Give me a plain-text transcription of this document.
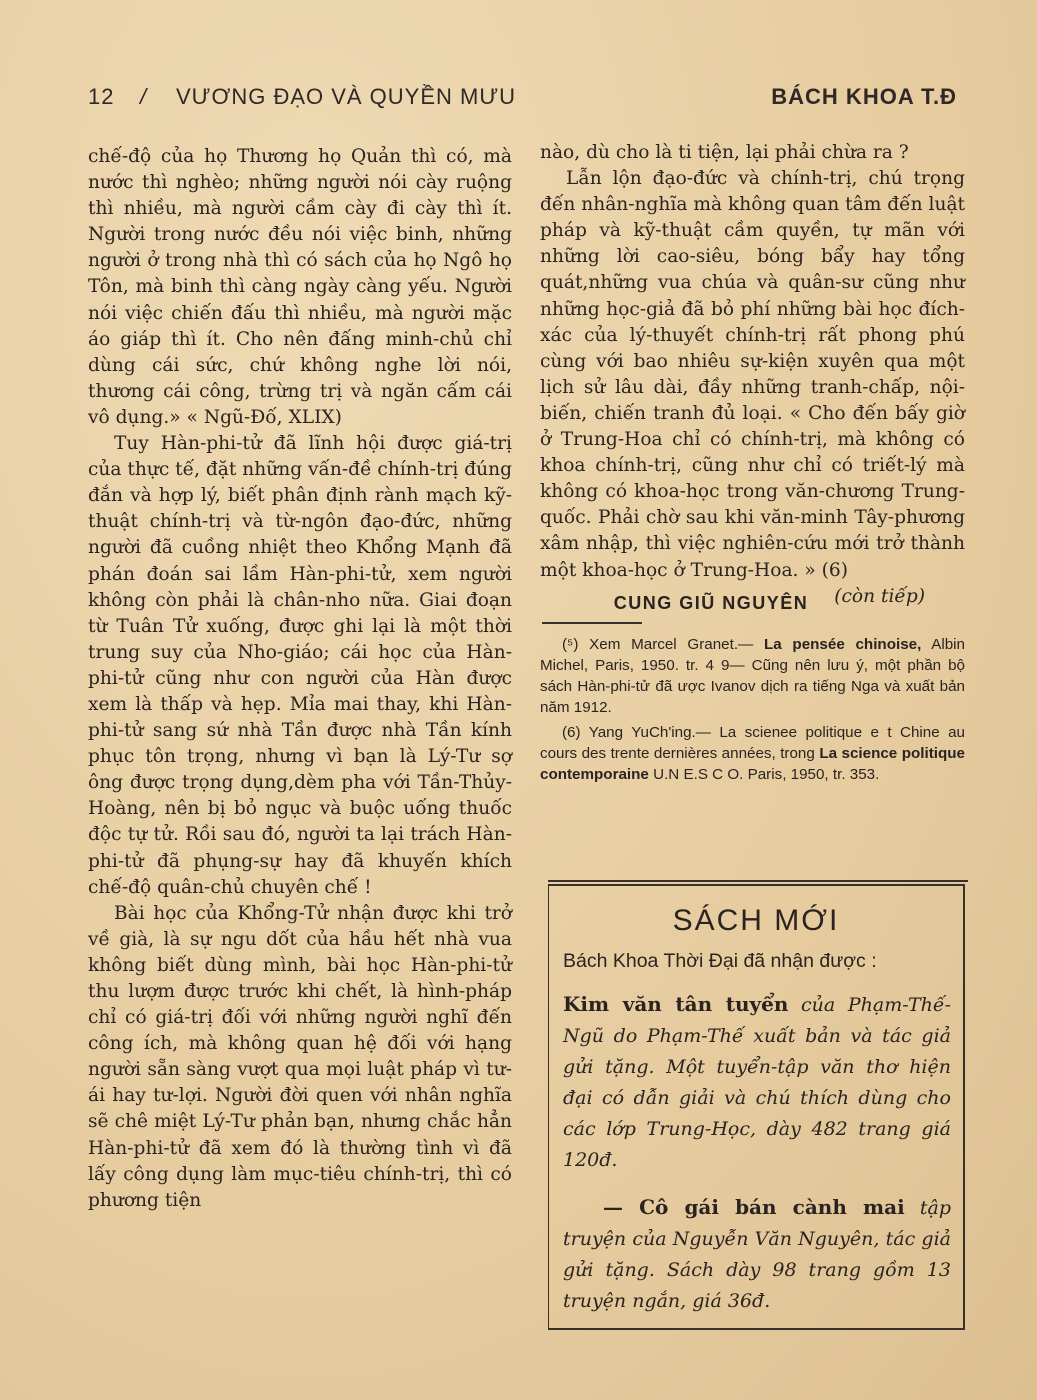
12 / VƯƠNG ĐẠO VÀ QUYỀN MƯU	BÁCH KHOA T.Đ

chế-độ của họ Thương họ Quản thì có, mà nước thì nghèo; những người nói cày ruộng thì nhiều, mà người cầm cày đi cày thì ít. Người trong nước đều nói việc binh, những người ở trong nhà thì có sách của họ Ngô họ Tôn, mà binh thì càng ngày càng yếu. Người nói việc chiến đấu thì nhiều, mà người mặc áo giáp thì ít. Cho nên đấng minh-chủ chỉ dùng cái sức, chứ không nghe lời nói, thương cái công, trừng trị và ngăn cấm cái vô dụng.» « Ngũ-Đố, XLIX)

Tuy Hàn-phi-tử đã lĩnh hội được giá-trị của thực tế, đặt những vấn-đề chính-trị đúng đắn và hợp lý, biết phân định rành mạch kỹ-thuật chính-trị và từ-ngôn đạo-đức, những người đã cuồng nhiệt theo Khổng Mạnh đã phán đoán sai lầm Hàn-phi-tử, xem người không còn phải là chân-nho nữa. Giai đoạn từ Tuân Tử xuống, được ghi lại là một thời trung suy của Nho-giáo; cái học của Hàn-phi-tử cũng như con người của Hàn được xem là thấp và hẹp. Mỉa mai thay, khi Hàn-phi-tử sang sứ nhà Tần được nhà Tần kính phục tôn trọng, nhưng vì bạn là Lý-Tư sợ ông được trọng dụng,dèm pha với Tần-Thủy-Hoàng, nên bị bỏ ngục và buộc uống thuốc độc tự tử. Rồi sau đó, người ta lại trách Hàn-phi-tử đã phụng-sự hay đã khuyến khích chế-độ quân-chủ chuyên chế !

Bài học của Khổng-Tử nhận được khi trở về già, là sự ngu dốt của hầu hết nhà vua không biết dùng mình, bài học Hàn-phi-tử thu lượm được trước khi chết, là hình-pháp chỉ có giá-trị đối với những người nghĩ đến công ích, mà không quan hệ đối với hạng người sẵn sàng vượt qua mọi luật pháp vì tư-ái hay tư-lợi. Người đời quen với nhân nghĩa sẽ chê miệt Lý-Tư phản bạn, nhưng chắc hẳn Hàn-phi-tử đã xem đó là thường tình vì đã lấy công dụng làm mục-tiêu chính-trị, thì có phương tiện

nào, dù cho là ti tiện, lại phải chừa ra ?

Lẫn lộn đạo-đức và chính-trị, chú trọng đến nhân-nghĩa mà không quan tâm đến luật pháp và kỹ-thuật cầm quyền, tự mãn với những lời cao-siêu, bóng bẩy hay tổng quát,những vua chúa và quân-sư cũng như những học-giả đã bỏ phí những bài học đích-xác của lý-thuyết chính-trị rất phong phú cùng với bao nhiêu sự-kiện xuyên qua một lịch sử lâu dài, đầy những tranh-chấp, nội-biến, chiến tranh đủ loại. « Cho đến bấy giờ ở Trung-Hoa chỉ có chính-trị, mà không có khoa chính-trị, cũng như chỉ có triết-lý mà không có khoa-học trong văn-chương Trung-quốc. Phải chờ sau khi văn-minh Tây-phương xâm nhập, thì việc nghiên-cứu mới trở thành một khoa-học ở Trung-Hoa. » (6)
(còn tiếp)

CUNG GIŨ NGUYÊN

(⁵) Xem Marcel Granet.— La pensée chinoise, Albin Michel, Paris, 1950. tr. 4 9— Cũng nên lưu ý, một phần bộ sách Hàn-phi-tử đã ược Ivanov dịch ra tiếng Nga và xuất bản năm 1912.

(6) Yang YuCh'ing.— La scienee politique e t Chine au cours des trente dernières années, trong La science politique contemporaine U.N E.S C O. Paris, 1950, tr. 353.

SÁCH MỚI
Bách Khoa Thời Đại đã nhận được :
Kim văn tân tuyển của Phạm-Thế-Ngũ do Phạm-Thế xuất bản và tác giả gửi tặng. Một tuyển-tập văn thơ hiện đại có dẫn giải và chú thích dùng cho các lớp Trung-Học, dày 482 trang giá 120đ.
— Cô gái bán cành mai tập truyện của Nguyễn Văn Nguyên, tác giả gửi tặng. Sách dày 98 trang gồm 13 truyện ngắn, giá 36đ.
